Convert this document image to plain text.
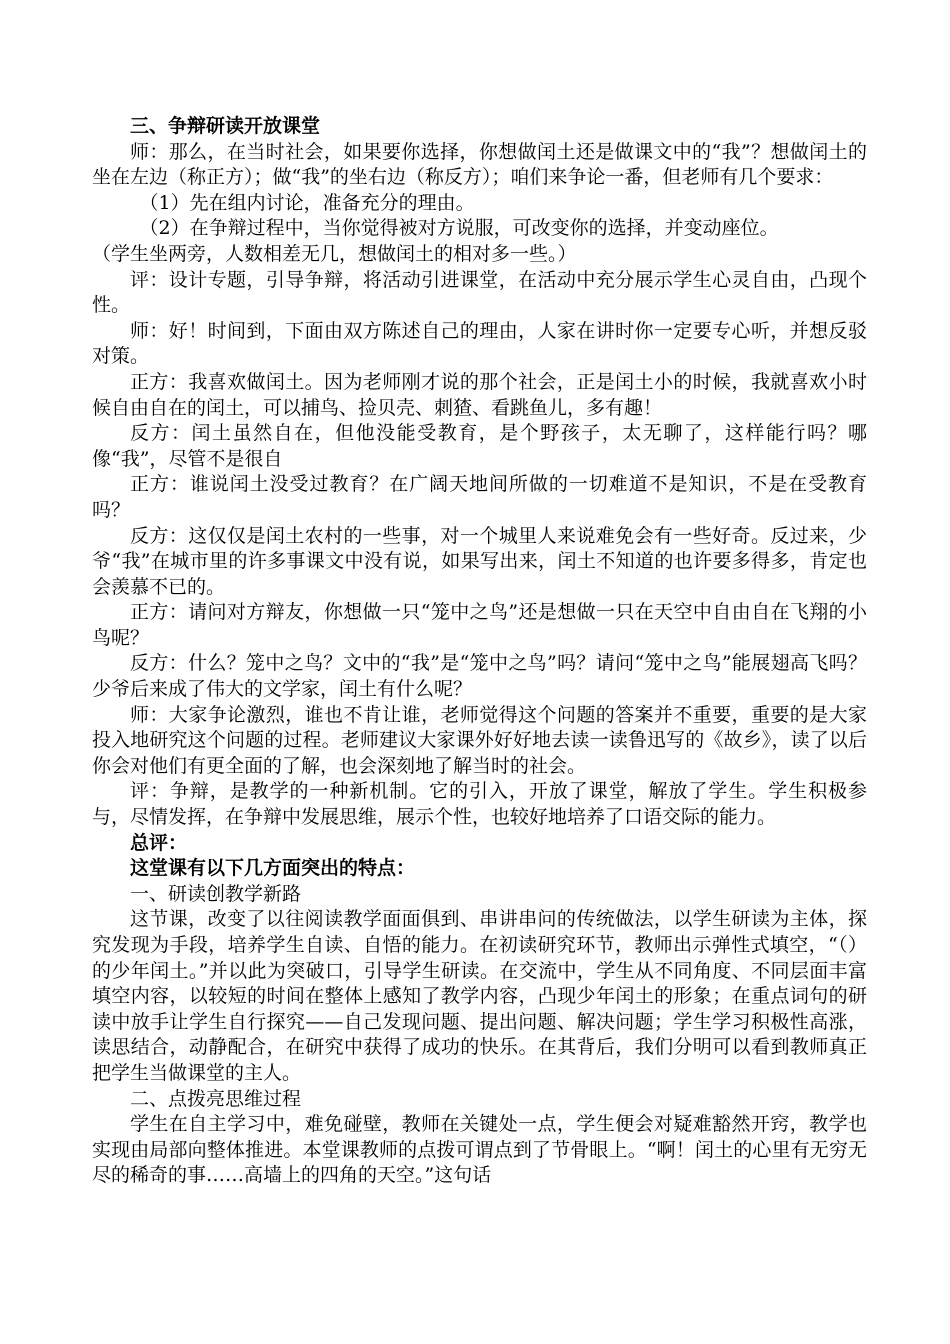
三、争辩研读开放课堂

师：那么，在当时社会，如果要你选择，你想做闰土还是做课文中的“我”？想做闰土的坐在左边（称正方）；做“我”的坐右边（称反方）；咱们来争论一番，但老师有几个要求：

（1）先在组内讨论，准备充分的理由。

（2）在争辩过程中，当你觉得被对方说服，可改变你的选择，并变动座位。

（学生坐两旁，人数相差无几，想做闰土的相对多一些。）

评：设计专题，引导争辩，将活动引进课堂，在活动中充分展示学生心灵自由，凸现个性。

师：好！时间到，下面由双方陈述自己的理由，人家在讲时你一定要专心听，并想反驳对策。

正方：我喜欢做闰土。因为老师刚才说的那个社会，正是闰土小的时候，我就喜欢小时候自由自在的闰土，可以捕鸟、捡贝壳、刺猹、看跳鱼儿，多有趣！

反方：闰土虽然自在，但他没能受教育，是个野孩子，太无聊了，这样能行吗？哪像“我”，尽管不是很自

正方：谁说闰土没受过教育？在广阔天地间所做的一切难道不是知识，不是在受教育吗？

反方：这仅仅是闰土农村的一些事，对一个城里人来说难免会有一些好奇。反过来，少爷“我”在城市里的许多事课文中没有说，如果写出来，闰土不知道的也许要多得多，肯定也会羡慕不已的。

正方：请问对方辩友，你想做一只“笼中之鸟”还是想做一只在天空中自由自在飞翔的小鸟呢？

反方：什么？笼中之鸟？文中的“我”是“笼中之鸟”吗？请问“笼中之鸟”能展翅高飞吗？少爷后来成了伟大的文学家，闰土有什么呢？

师：大家争论激烈，谁也不肯让谁，老师觉得这个问题的答案并不重要，重要的是大家投入地研究这个问题的过程。老师建议大家课外好好地去读一读鲁迅写的《故乡》，读了以后你会对他们有更全面的了解，也会深刻地了解当时的社会。

评：争辩，是教学的一种新机制。它的引入，开放了课堂，解放了学生。学生积极参与，尽情发挥，在争辩中发展思维，展示个性，也较好地培养了口语交际的能力。

总评：

这堂课有以下几方面突出的特点：

一、研读创教学新路

这节课，改变了以往阅读教学面面俱到、串讲串问的传统做法，以学生研读为主体，探究发现为手段，培养学生自读、自悟的能力。在初读研究环节，教师出示弹性式填空，“（）的少年闰土。”并以此为突破口，引导学生研读。在交流中，学生从不同角度、不同层面丰富填空内容，以较短的时间在整体上感知了教学内容，凸现少年闰土的形象；在重点词句的研读中放手让学生自行探究——自己发现问题、提出问题、解决问题；学生学习积极性高涨，读思结合，动静配合，在研究中获得了成功的快乐。在其背后，我们分明可以看到教师真正把学生当做课堂的主人。

二、点拨亮思维过程

学生在自主学习中，难免碰壁，教师在关键处一点，学生便会对疑难豁然开窍，教学也实现由局部向整体推进。本堂课教师的点拨可谓点到了节骨眼上。“啊！闰土的心里有无穷无尽的稀奇的事……高墙上的四角的天空。”这句话
